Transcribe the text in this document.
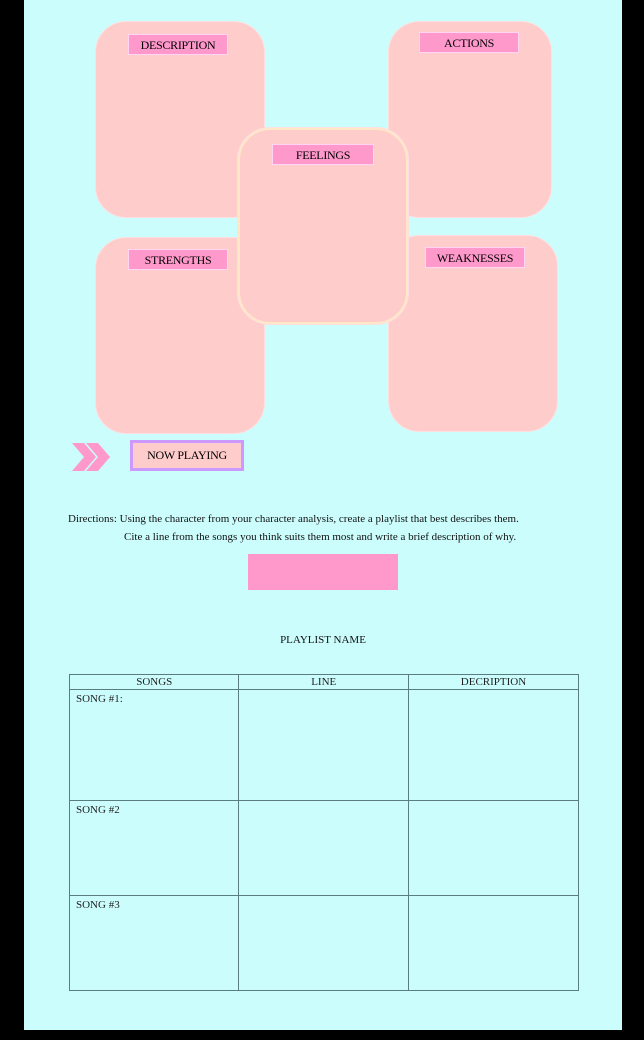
DESCRIPTION	ACTIONS
STRENGTHS	WEAKNESSES
FEELINGS
NOW PLAYING
Directions: Using the character from your character analysis, create a playlist that best describes them.
Cite a line from the songs you think suits them most and write a brief description of why.
PLAYLIST NAME
SONGS	LINE	DECRIPTION
SONG #1:		
SONG #2		
SONG #3		
